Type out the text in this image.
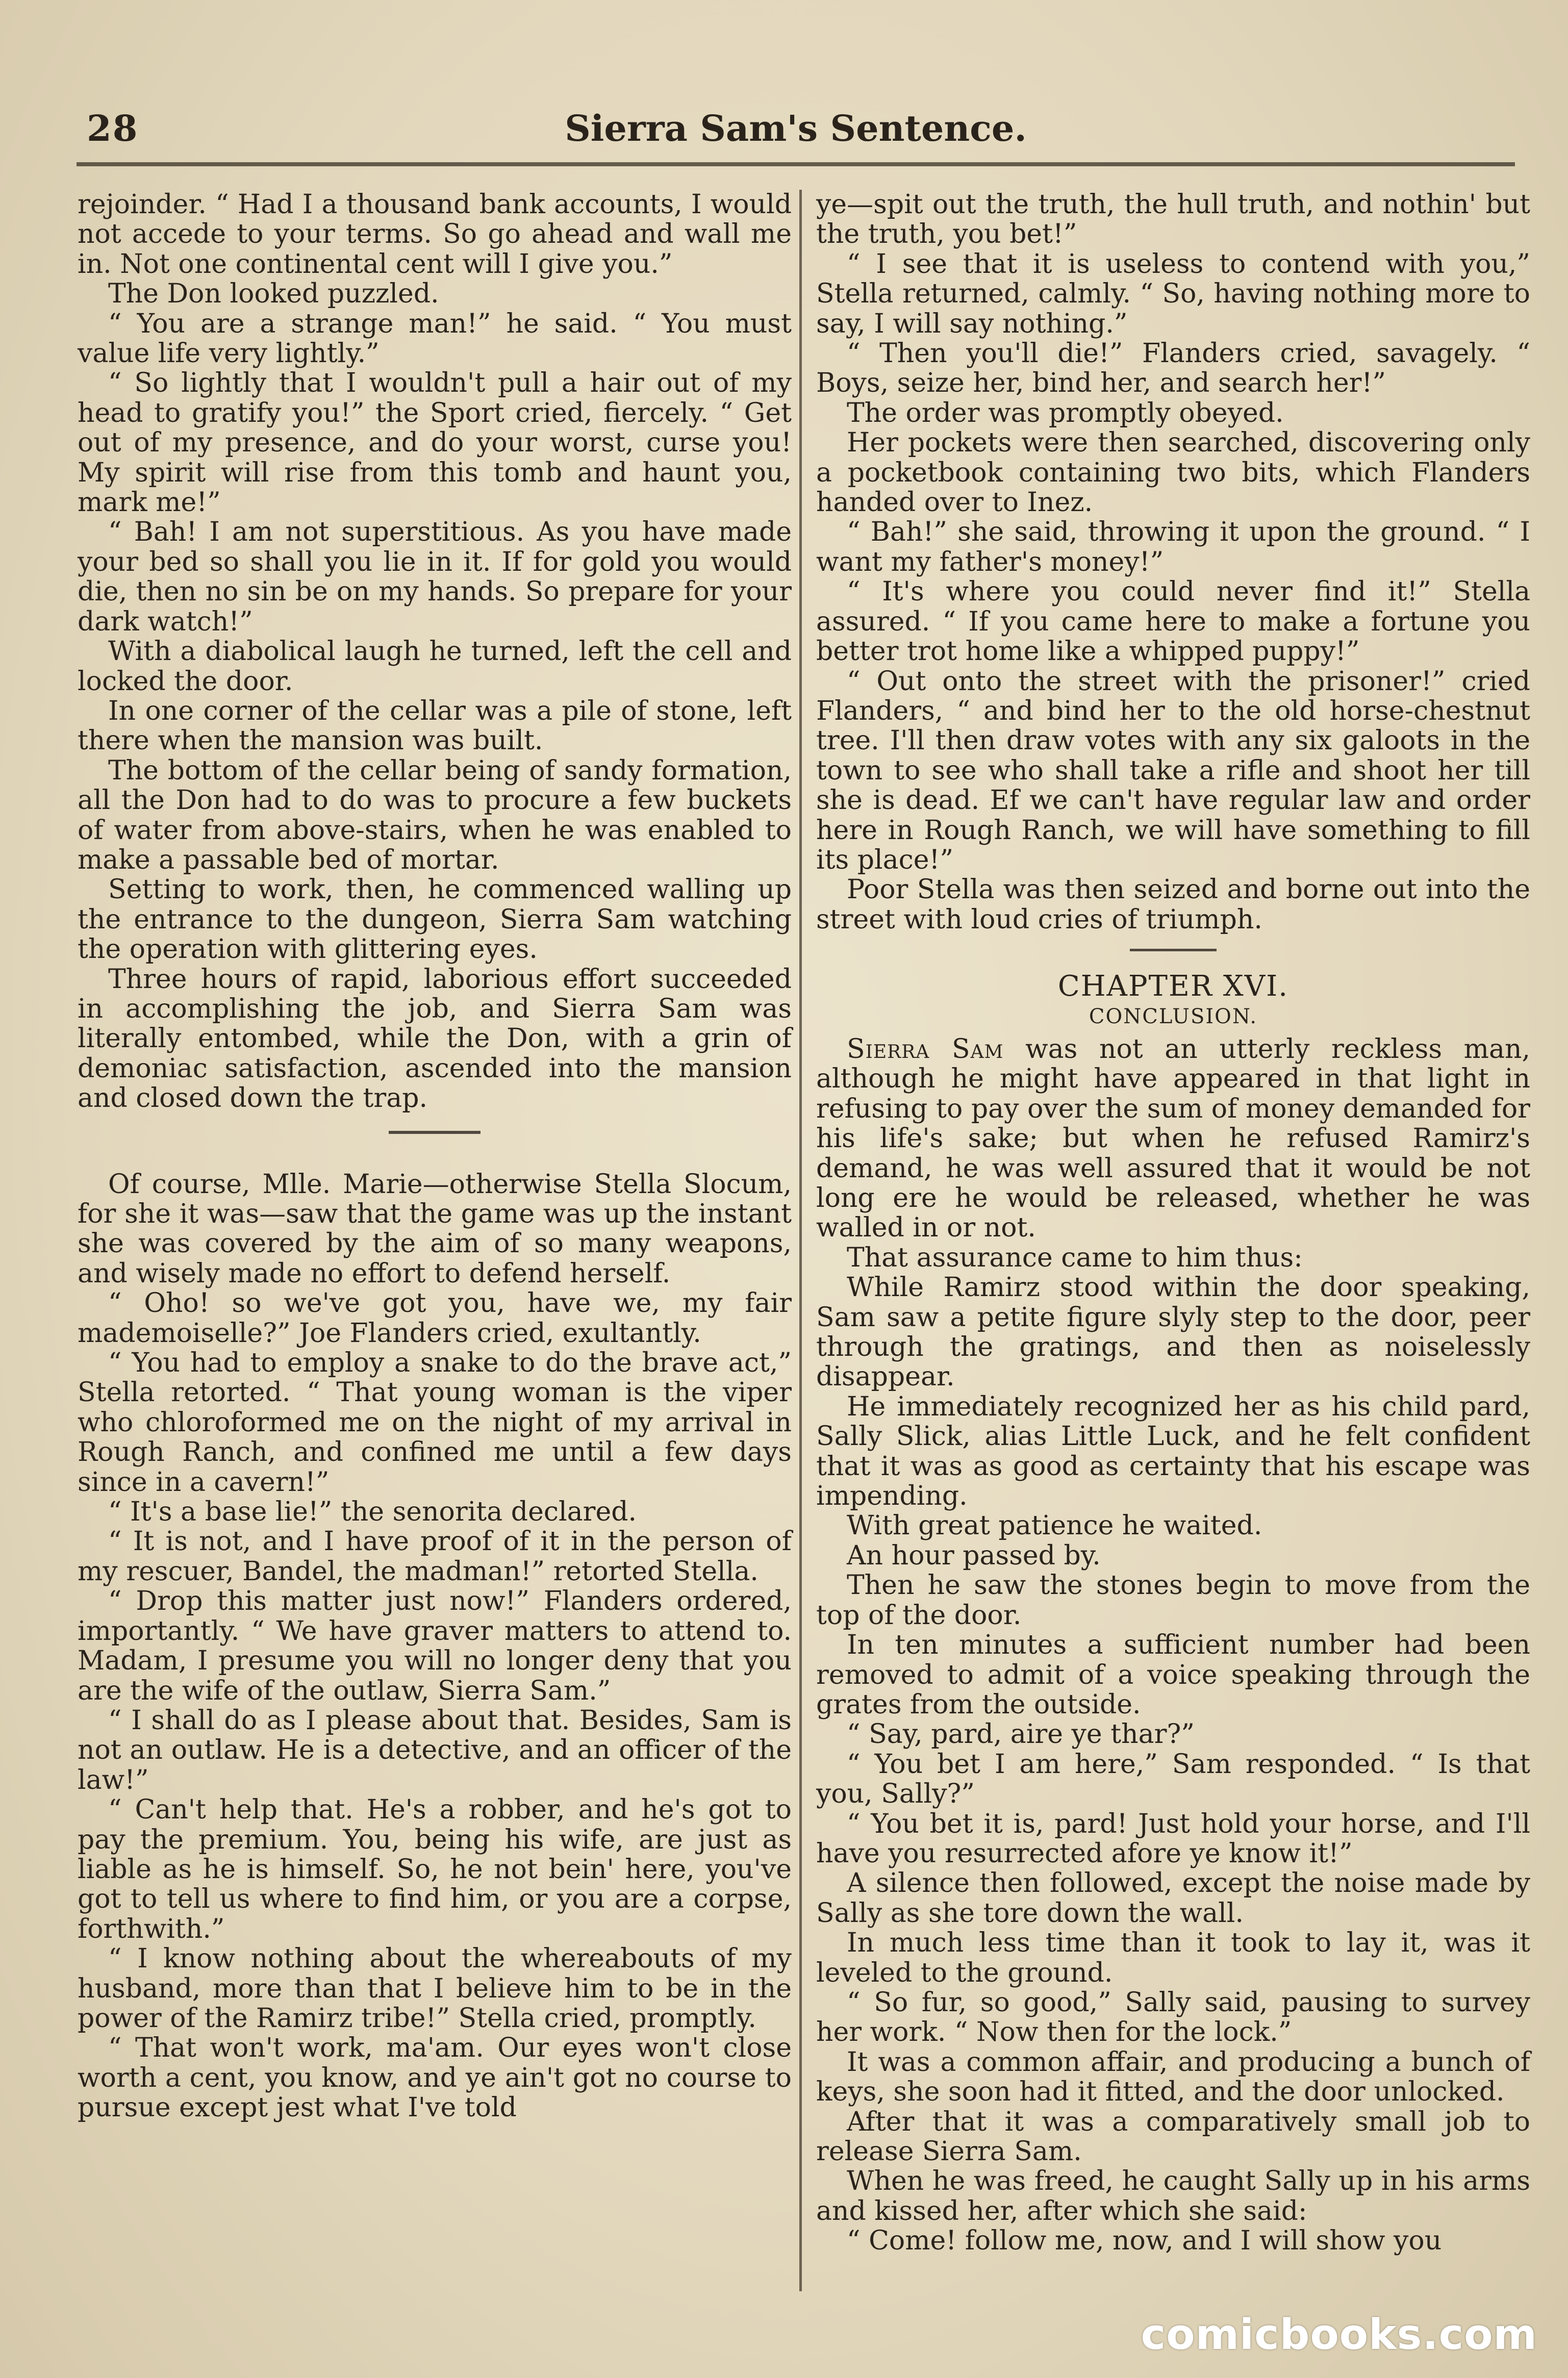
28	Sierra Sam's Sentence.

rejoinder. “ Had I a thousand bank accounts, I would not accede to your terms. So go ahead and wall me in. Not one continental cent will I give you.”

The Don looked puzzled.

“ You are a strange man!” he said. “ You must value life very lightly.”

“ So lightly that I wouldn't pull a hair out of my head to gratify you!” the Sport cried, fiercely. “ Get out of my presence, and do your worst, curse you! My spirit will rise from this tomb and haunt you, mark me!”

“ Bah! I am not superstitious. As you have made your bed so shall you lie in it. If for gold you would die, then no sin be on my hands. So prepare for your dark watch!”

With a diabolical laugh he turned, left the cell and locked the door.

In one corner of the cellar was a pile of stone, left there when the mansion was built.

The bottom of the cellar being of sandy formation, all the Don had to do was to procure a few buckets of water from above-stairs, when he was enabled to make a passable bed of mortar.

Setting to work, then, he commenced walling up the entrance to the dungeon, Sierra Sam watching the operation with glittering eyes.

Three hours of rapid, laborious effort succeeded in accomplishing the job, and Sierra Sam was literally entombed, while the Don, with a grin of demoniac satisfaction, ascended into the mansion and closed down the trap.

Of course, Mlle. Marie—otherwise Stella Slocum, for she it was—saw that the game was up the instant she was covered by the aim of so many weapons, and wisely made no effort to defend herself.

“ Oho! so we've got you, have we, my fair mademoiselle?” Joe Flanders cried, exultantly.

“ You had to employ a snake to do the brave act,” Stella retorted. “ That young woman is the viper who chloroformed me on the night of my arrival in Rough Ranch, and confined me until a few days since in a cavern!”

“ It's a base lie!” the senorita declared.

“ It is not, and I have proof of it in the person of my rescuer, Bandel, the madman!” retorted Stella.

“ Drop this matter just now!” Flanders ordered, importantly. “ We have graver matters to attend to. Madam, I presume you will no longer deny that you are the wife of the outlaw, Sierra Sam.”

“ I shall do as I please about that. Besides, Sam is not an outlaw. He is a detective, and an officer of the law!”

“ Can't help that. He's a robber, and he's got to pay the premium. You, being his wife, are just as liable as he is himself. So, he not bein' here, you've got to tell us where to find him, or you are a corpse, forthwith.”

“ I know nothing about the whereabouts of my husband, more than that I believe him to be in the power of the Ramirz tribe!” Stella cried, promptly.

“ That won't work, ma'am. Our eyes won't close worth a cent, you know, and ye ain't got no course to pursue except jest what I've told

ye—spit out the truth, the hull truth, and nothin' but the truth, you bet!”

“ I see that it is useless to contend with you,” Stella returned, calmly. “ So, having nothing more to say, I will say nothing.”

“ Then you'll die!” Flanders cried, savagely. “ Boys, seize her, bind her, and search her!”

The order was promptly obeyed.

Her pockets were then searched, discovering only a pocketbook containing two bits, which Flanders handed over to Inez.

“ Bah!” she said, throwing it upon the ground. “ I want my father's money!”

“ It's where you could never find it!” Stella assured. “ If you came here to make a fortune you better trot home like a whipped puppy!”

“ Out onto the street with the prisoner!” cried Flanders, “ and bind her to the old horse-chestnut tree. I'll then draw votes with any six galoots in the town to see who shall take a rifle and shoot her till she is dead. Ef we can't have regular law and order here in Rough Ranch, we will have something to fill its place!”

Poor Stella was then seized and borne out into the street with loud cries of triumph.

CHAPTER XVI.
CONCLUSION.

Sierra Sam was not an utterly reckless man, although he might have appeared in that light in refusing to pay over the sum of money demanded for his life's sake; but when he refused Ramirz's demand, he was well assured that it would be not long ere he would be released, whether he was walled in or not.

That assurance came to him thus:

While Ramirz stood within the door speaking, Sam saw a petite figure slyly step to the door, peer through the gratings, and then as noiselessly disappear.

He immediately recognized her as his child pard, Sally Slick, alias Little Luck, and he felt confident that it was as good as certainty that his escape was impending.

With great patience he waited.

An hour passed by.

Then he saw the stones begin to move from the top of the door.

In ten minutes a sufficient number had been removed to admit of a voice speaking through the grates from the outside.

“ Say, pard, aire ye thar?”

“ You bet I am here,” Sam responded. “ Is that you, Sally?”

“ You bet it is, pard! Just hold your horse, and I'll have you resurrected afore ye know it!”

A silence then followed, except the noise made by Sally as she tore down the wall.

In much less time than it took to lay it, was it leveled to the ground.

“ So fur, so good,” Sally said, pausing to survey her work. “ Now then for the lock.”

It was a common affair, and producing a bunch of keys, she soon had it fitted, and the door unlocked.

After that it was a comparatively small job to release Sierra Sam.

When he was freed, he caught Sally up in his arms and kissed her, after which she said:

“ Come! follow me, now, and I will show you

comicbooks.com
